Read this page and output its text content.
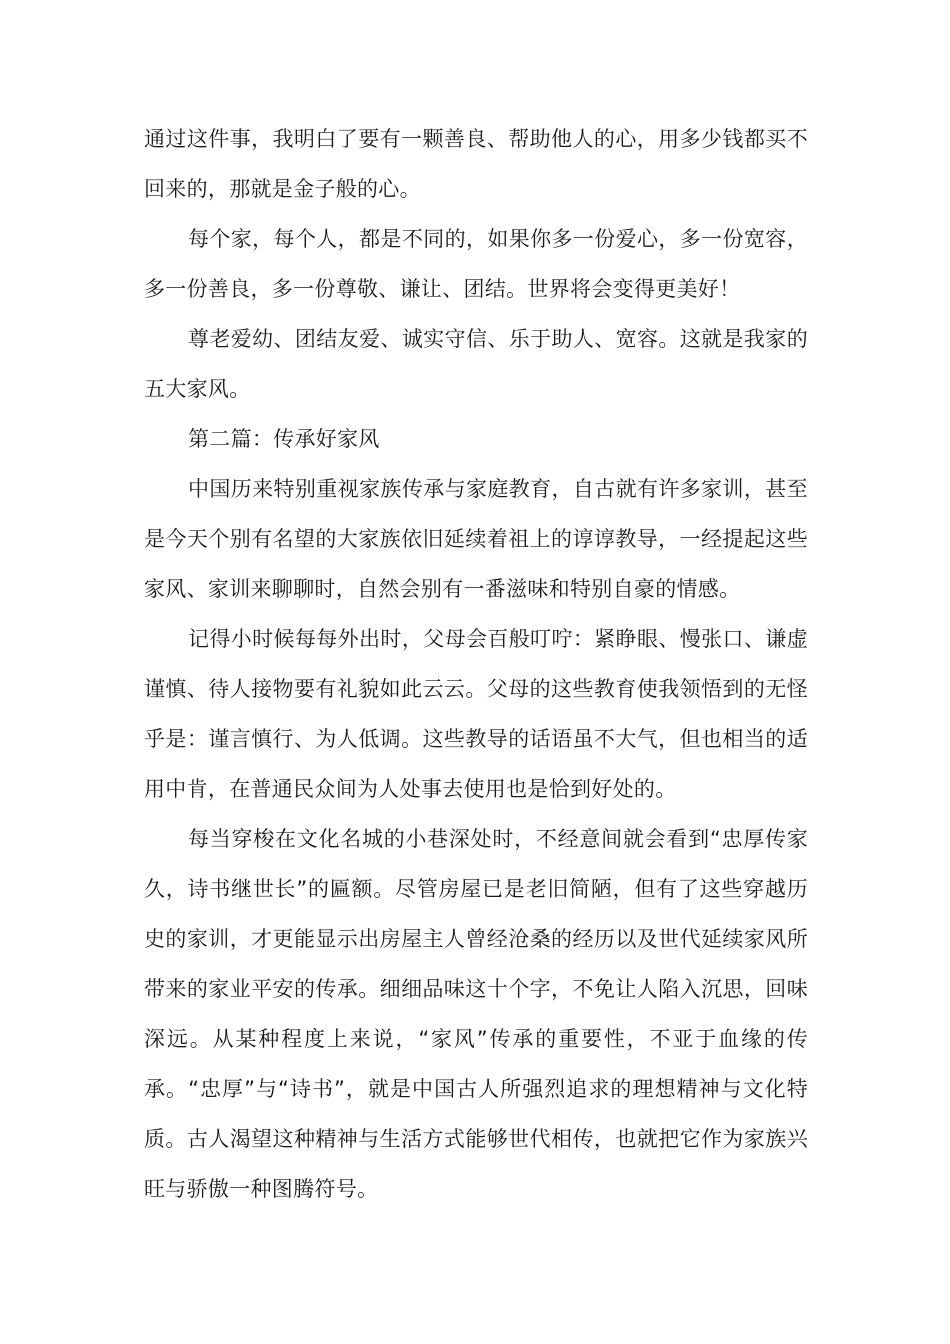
通过这件事，我明白了要有一颗善良、帮助他人的心，用多少钱都买不回来的，那就是金子般的心。

每个家，每个人，都是不同的，如果你多一份爱心，多一份宽容，多一份善良，多一份尊敬、谦让、团结。世界将会变得更美好！

尊老爱幼、团结友爱、诚实守信、乐于助人、宽容。这就是我家的五大家风。

第二篇：传承好家风

中国历来特别重视家族传承与家庭教育，自古就有许多家训，甚至是今天个别有名望的大家族依旧延续着祖上的谆谆教导，一经提起这些家风、家训来聊聊时，自然会别有一番滋味和特别自豪的情感。

记得小时候每每外出时，父母会百般叮咛：紧睁眼、慢张口、谦虚谨慎、待人接物要有礼貌如此云云。父母的这些教育使我领悟到的无怪乎是：谨言慎行、为人低调。这些教导的话语虽不大气，但也相当的适用中肯，在普通民众间为人处事去使用也是恰到好处的。

每当穿梭在文化名城的小巷深处时，不经意间就会看到“忠厚传家久，诗书继世长”的匾额。尽管房屋已是老旧简陋，但有了这些穿越历史的家训，才更能显示出房屋主人曾经沧桑的经历以及世代延续家风所带来的家业平安的传承。细细品味这十个字，不免让人陷入沉思，回味深远。从某种程度上来说，“家风”传承的重要性，不亚于血缘的传承。“忠厚”与“诗书”，就是中国古人所强烈追求的理想精神与文化特质。古人渴望这种精神与生活方式能够世代相传，也就把它作为家族兴旺与骄傲一种图腾符号。
